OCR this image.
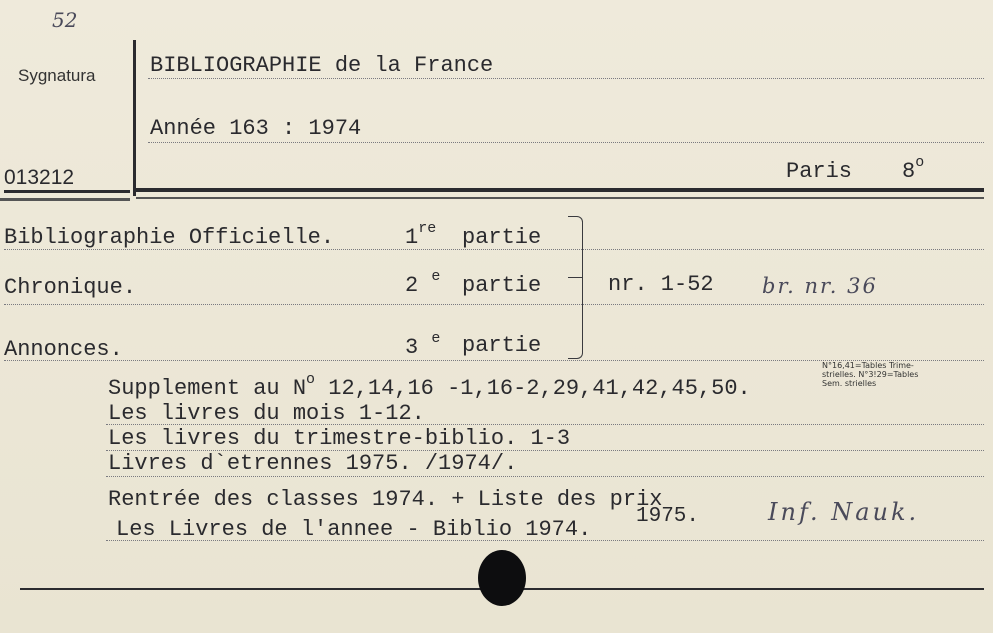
52
Sygnatura
013212
BIBLIOGRAPHIE de la France
Année 163 : 1974
Paris 8$^o$
Bibliographie Officielle.	1re partie
Chronique.	2 $^e$ partie
Annonces.	3 $^e$ partie
nr. 1-52 br. nr. 36
Supplement au $N^o$ 12,14,16 -1,16-2,29,41,42,45,50.
N°16,41=Tables Trime-
strielles. N°3!29=Tables
Sem. strielles
Les livres du mois 1-12.
Les livres du trimestre-biblio. 1-3
Livres d`etrennes 1975. /1974/.
Rentrée des classes 1974. + Liste des prix
Les Livres de l'annee - Biblio 1974.
1975.	Inf. Nauk.
